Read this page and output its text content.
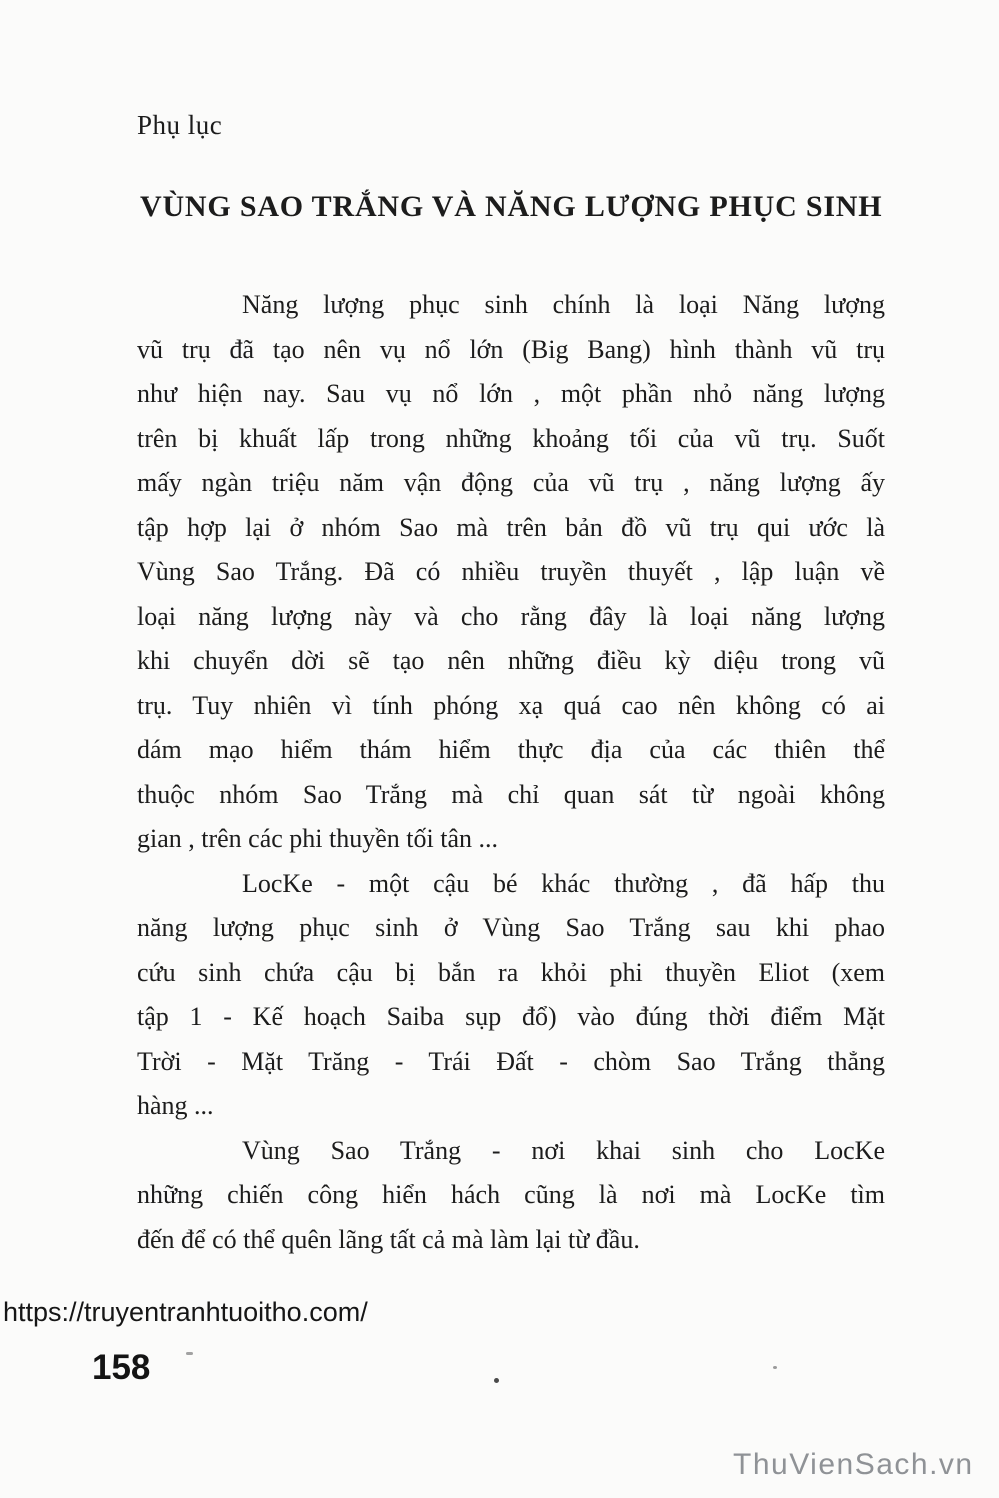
Phụ lục
VÙNG SAO TRẮNG VÀ NĂNG LƯỢNG PHỤC SINH
Năng lượng phục sinh chính là loại Năng lượng
vũ trụ đã tạo nên vụ nổ lớn (Big Bang) hình thành vũ trụ
như hiện nay. Sau vụ nổ lớn , một phần nhỏ năng lượng
trên bị khuất lấp trong những khoảng tối của vũ trụ. Suốt
mấy ngàn triệu năm vận động của vũ trụ , năng lượng ấy
tập hợp lại ở nhóm Sao mà trên bản đồ vũ trụ qui ước là
Vùng Sao Trắng. Đã có nhiều truyền thuyết , lập luận về
loại năng lượng này và cho rằng đây là loại năng lượng
khi chuyển dời sẽ tạo nên những điều kỳ diệu trong vũ
trụ. Tuy nhiên vì tính phóng xạ quá cao nên không có ai
dám mạo hiểm thám hiểm thực địa của các thiên thể
thuộc nhóm Sao Trắng mà chỉ quan sát từ ngoài không
gian , trên các phi thuyền tối tân ...
LocKe - một cậu bé khác thường , đã hấp thu
năng lượng phục sinh ở Vùng Sao Trắng sau khi phao
cứu sinh chứa cậu bị bắn ra khỏi phi thuyền Eliot (xem
tập 1 - Kế hoạch Saiba sụp đổ) vào đúng thời điểm Mặt
Trời - Mặt Trăng - Trái Đất - chòm Sao Trắng thẳng
hàng ...
Vùng Sao Trắng - nơi khai sinh cho LocKe
những chiến công hiển hách cũng là nơi mà LocKe tìm
đến để có thể quên lãng tất cả mà làm lại từ đầu.
https://truyentranhtuoitho.com/
158
ThuVienSach.vn
